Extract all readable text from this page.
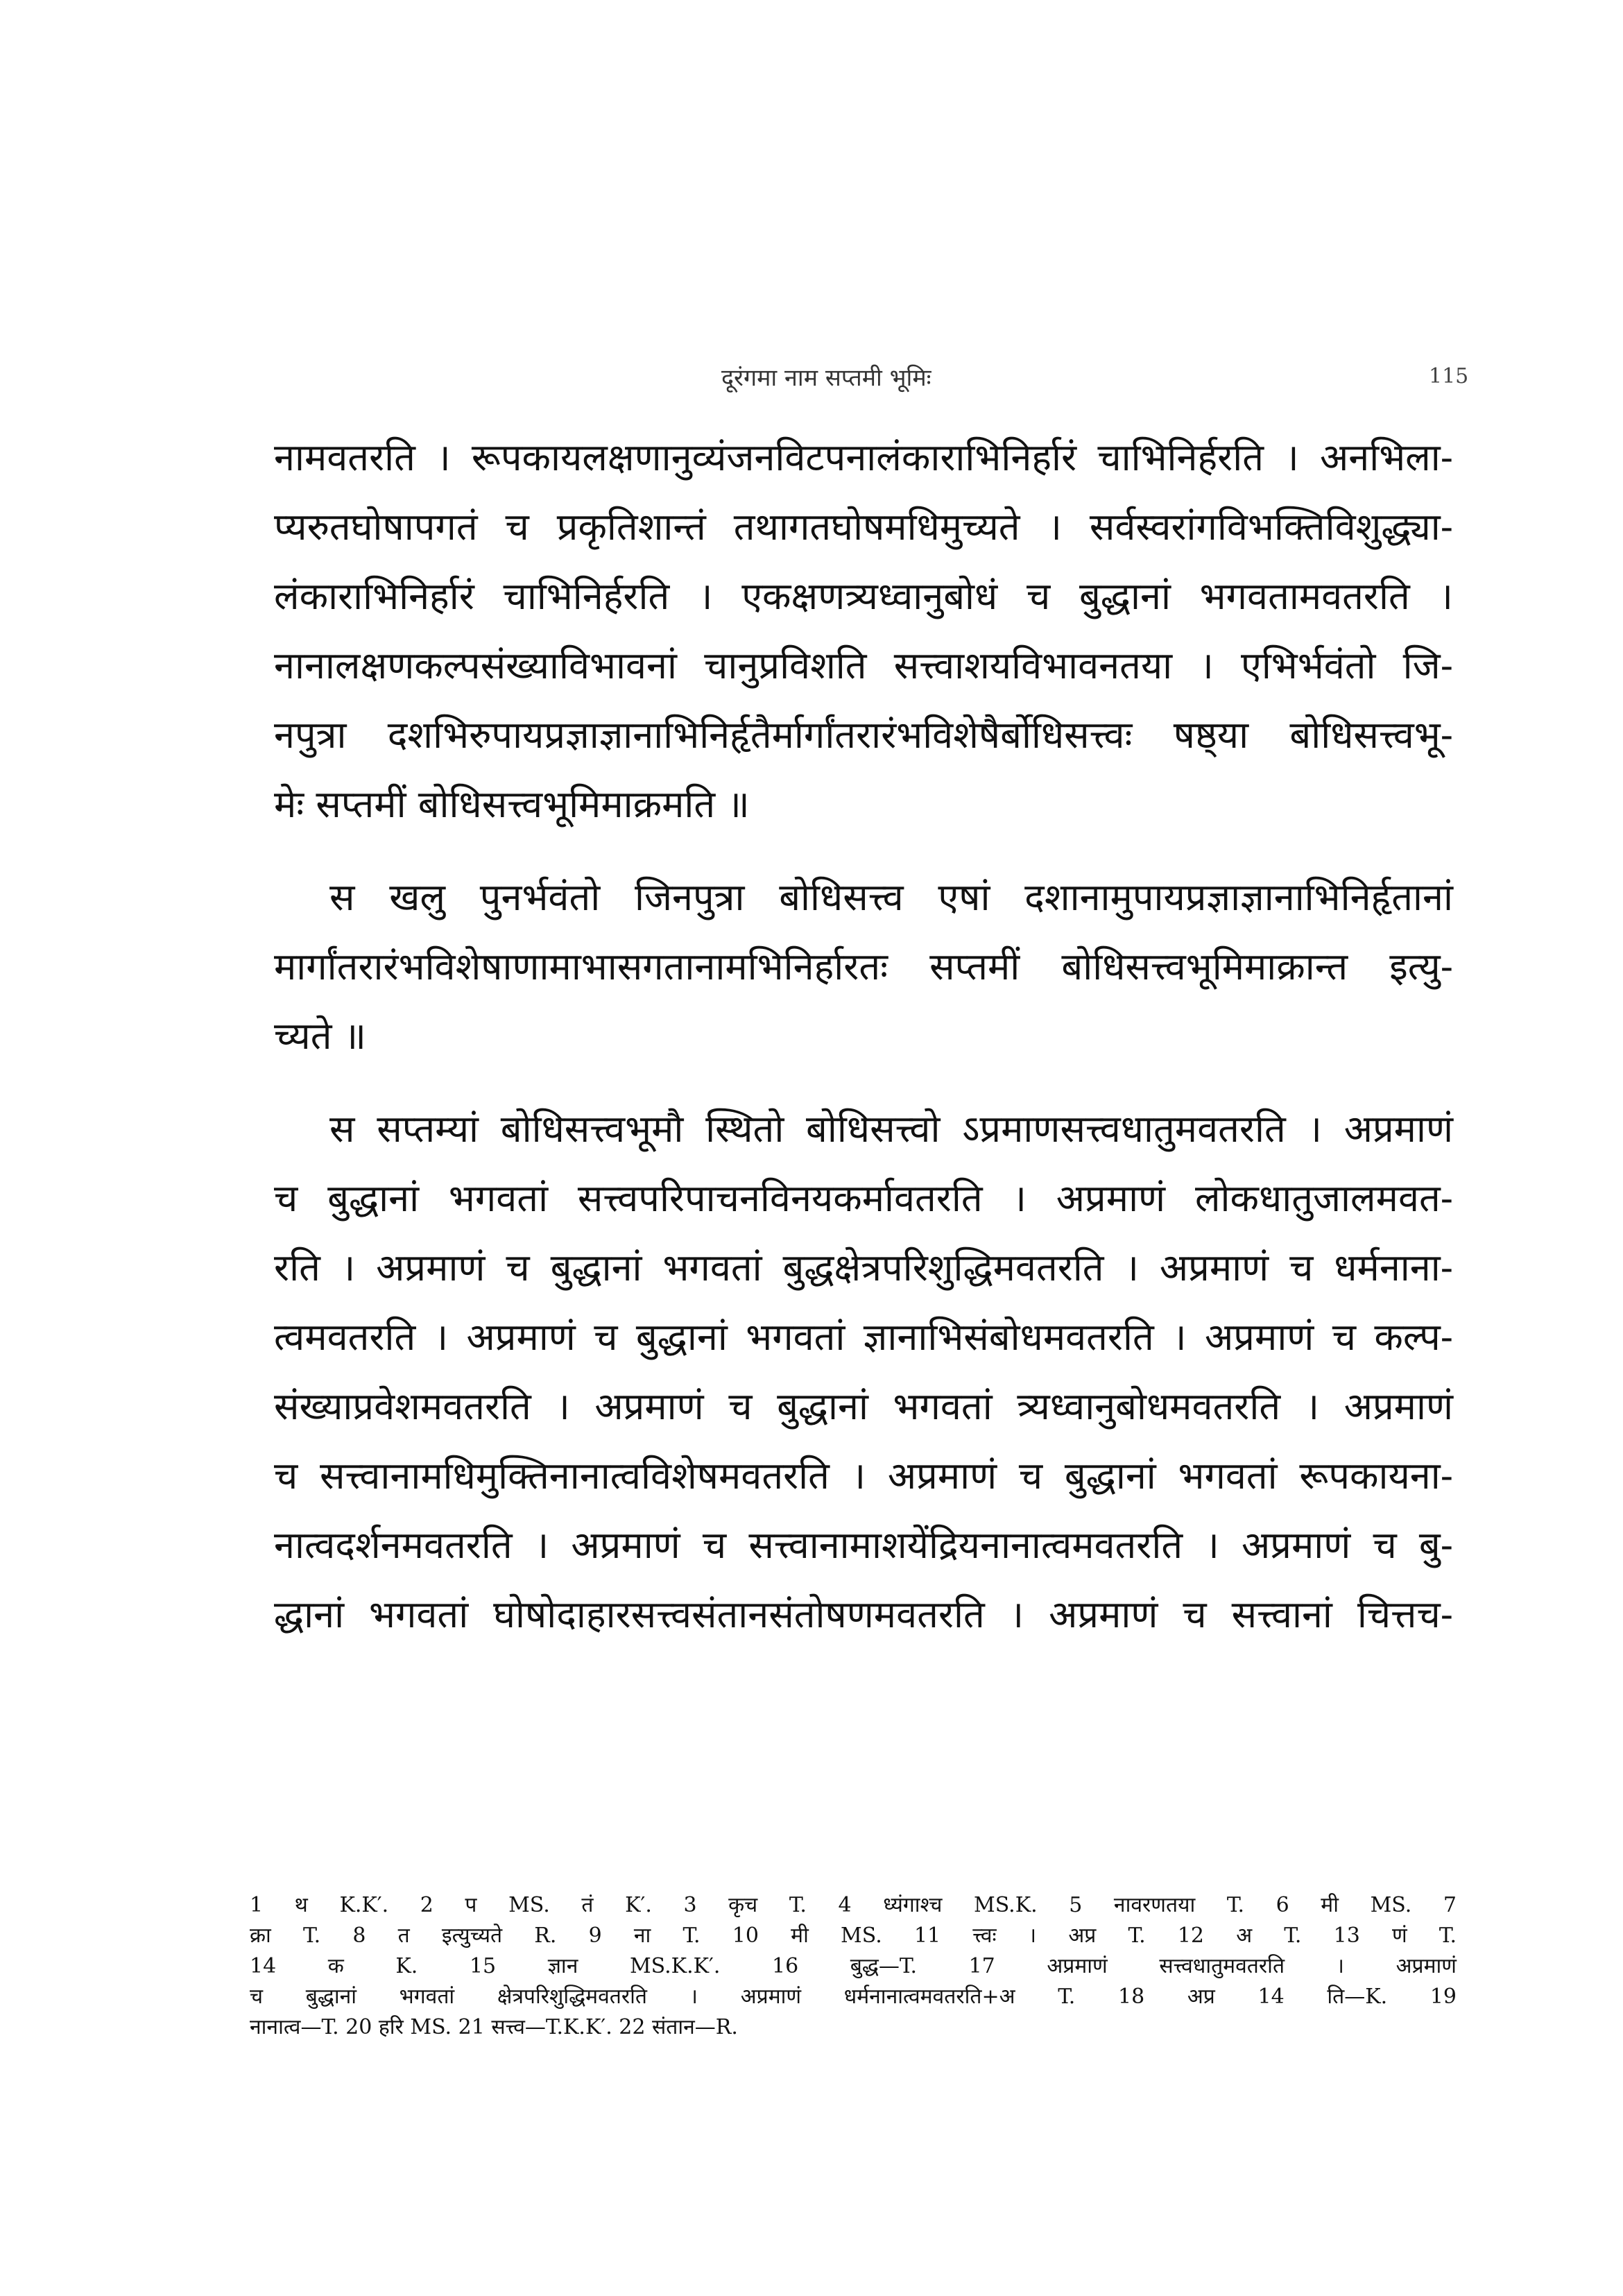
दूरंगमा नाम सप्तमी भूमिः	115
नामवतरति । रूपकायलक्षणानुव्यंजनविटपनालंकाराभिनिर्हारं चाभिनिर्हरति । अनभिला-
प्यरुतघोषापगतं च प्रकृतिशान्तं तथागतघोषमधिमुच्यते । सर्वस्वरांगविभक्तिविशुद्ध्या-
लंकाराभिनिर्हारं चाभिनिर्हरति । एकक्षणत्र्यध्वानुबोधं च बुद्धानां भगवतामवतरति ।
नानालक्षणकल्पसंख्याविभावनां चानुप्रविशति सत्त्वाशयविभावनतया । एभिर्भवंतो जि-
नपुत्रा दशभिरुपायप्रज्ञाज्ञानाभिनिर्हृतैर्मार्गांतरारंभविशेषैर्बोधिसत्त्वः षष्ठ्या बोधिसत्त्वभू-
मेः सप्तमीं बोधिसत्त्वभूमिमाक्रमति ॥
स खलु पुनर्भवंतो जिनपुत्रा बोधिसत्त्व एषां दशानामुपायप्रज्ञाज्ञानाभिनिर्हृतानां
मार्गांतरारंभविशेषाणामाभासगतानामभिनिर्हारतः सप्तमीं बोधिसत्त्वभूमिमाक्रान्त इत्यु-
च्यते ॥
स सप्तम्यां बोधिसत्त्वभूमौ स्थितो बोधिसत्त्वो ऽप्रमाणसत्त्वधातुमवतरति । अप्रमाणं
च बुद्धानां भगवतां सत्त्वपरिपाचनविनयकर्मावतरति । अप्रमाणं लोकधातुजालमवत-
रति । अप्रमाणं च बुद्धानां भगवतां बुद्धक्षेत्रपरिशुद्धिमवतरति । अप्रमाणं च धर्मनाना-
त्वमवतरति । अप्रमाणं च बुद्धानां भगवतां ज्ञानाभिसंबोधमवतरति । अप्रमाणं च कल्प-
संख्याप्रवेशमवतरति । अप्रमाणं च बुद्धानां भगवतां त्र्यध्वानुबोधमवतरति । अप्रमाणं
च सत्त्वानामधिमुक्तिनानात्वविशेषमवतरति । अप्रमाणं च बुद्धानां भगवतां रूपकायना-
नात्वदर्शनमवतरति । अप्रमाणं च सत्त्वानामाशयेंद्रियनानात्वमवतरति । अप्रमाणं च बु-
द्धानां भगवतां घोषोदाहारसत्त्वसंतानसंतोषणमवतरति । अप्रमाणं च सत्त्वानां चित्तच-
1 थ K.K′. 2 प MS. तं K′. 3 कृच T. 4 ध्यंगाश्च MS.K. 5 नावरणतया T. 6 मी MS. 7
क्रा T. 8 त इत्युच्यते R. 9 ना T. 10 मी MS. 11 त्त्वः । अप्र T. 12 अ T. 13 णं T.
14 क K. 15 ज्ञान MS.K.K′. 16 बुद्ध—T. 17 अप्रमाणं सत्त्वधातुमवतरति । अप्रमाणं
च बुद्धानां भगवतां क्षेत्रपरिशुद्धिमवतरति । अप्रमाणं धर्मनानात्वमवतरति+अ T. 18 अप्र 14 ति—K. 19
नानात्व—T. 20 हरि MS. 21 सत्त्व—T.K.K′. 22 संतान—R.
